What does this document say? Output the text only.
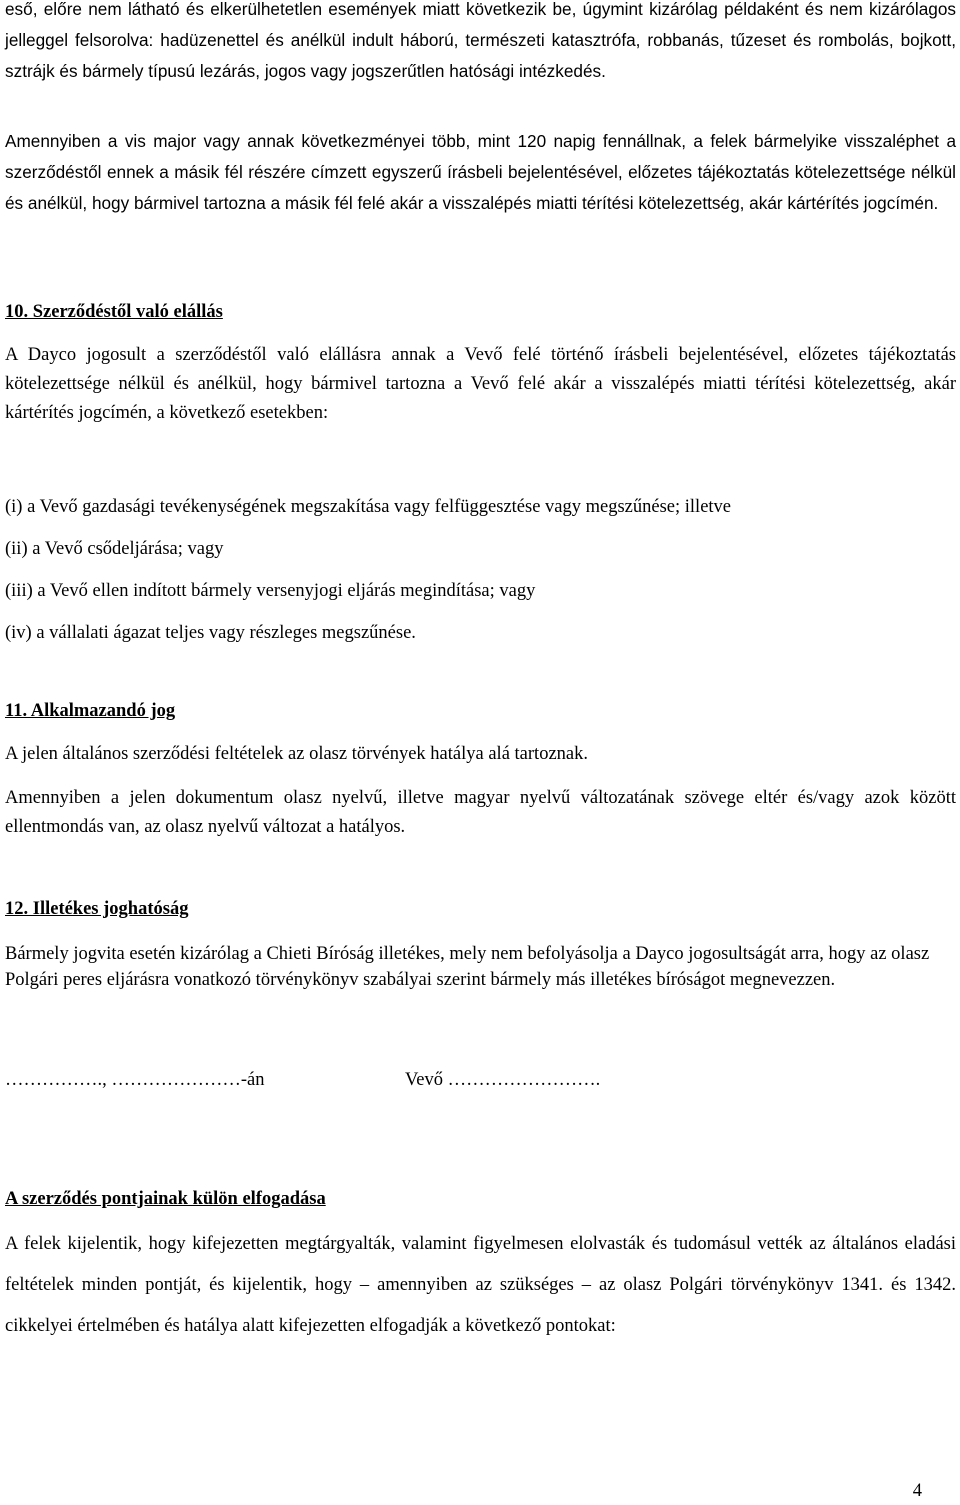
eső, előre nem látható és elkerülhetetlen események miatt következik be, úgymint kizárólag példaként és nem kizárólagos jelleggel felsorolva: hadüzenettel és anélkül indult háború, természeti katasztrófa, robbanás, tűzeset és rombolás, bojkott, sztrájk és bármely típusú lezárás, jogos vagy jogszerűtlen hatósági intézkedés.

Amennyiben a vis major vagy annak következményei több, mint 120 napig fennállnak, a felek bármelyike visszaléphet a szerződéstől ennek a másik fél részére címzett egyszerű írásbeli bejelentésével, előzetes tájékoztatás kötelezettsége nélkül és anélkül, hogy bármivel tartozna a másik fél felé akár a visszalépés miatti térítési kötelezettség, akár kártérítés jogcímén.

10. Szerződéstől való elállás

A Dayco jogosult a szerződéstől való elállásra annak a Vevő felé történő írásbeli bejelentésével, előzetes tájékoztatás kötelezettsége nélkül és anélkül, hogy bármivel tartozna a Vevő felé akár a visszalépés miatti térítési kötelezettség, akár kártérítés jogcímén, a következő esetekben:

(i) a Vevő gazdasági tevékenységének megszakítása vagy felfüggesztése vagy megszűnése; illetve

(ii) a Vevő csődeljárása; vagy

(iii) a Vevő ellen indított bármely versenyjogi eljárás megindítása; vagy

(iv) a vállalati ágazat teljes vagy részleges megszűnése.

11. Alkalmazandó jog

A jelen általános szerződési feltételek az olasz törvények hatálya alá tartoznak.

Amennyiben a jelen dokumentum olasz nyelvű, illetve magyar nyelvű változatának szövege eltér és/vagy azok között ellentmondás van, az olasz nyelvű változat a hatályos.

12. Illetékes joghatóság

Bármely jogvita esetén kizárólag a Chieti Bíróság illetékes, mely nem befolyásolja a Dayco jogosultságát arra, hogy az olasz Polgári peres eljárásra vonatkozó törvénykönyv szabályai szerint bármely más illetékes bíróságot megnevezzen.

……………., …………………-án

	Vevő …………………….

A szerződés pontjainak külön elfogadása

A felek kijelentik, hogy kifejezetten megtárgyalták, valamint figyelmesen elolvasták és tudomásul vették az általános eladási feltételek minden pontját, és kijelentik, hogy – amennyiben az szükséges – az olasz Polgári törvénykönyv 1341. és 1342. cikkelyei értelmében és hatálya alatt kifejezetten elfogadják a következő pontokat:

4
